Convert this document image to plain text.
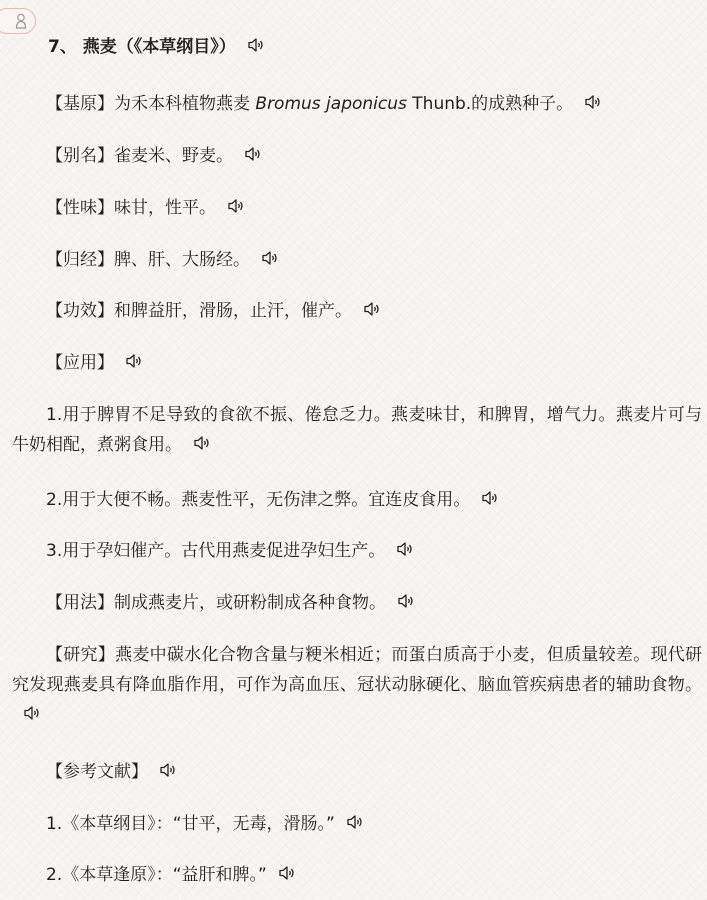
7、 燕麦（《本草纲目》）
【基原】为禾本科植物燕麦 Bromus japonicus Thunb.的成熟种子。
【别名】雀麦米、野麦。
【性味】味甘，性平。
【归经】脾、肝、大肠经。
【功效】和脾益肝，滑肠，止汗，催产。
【应用】
1.用于脾胃不足导致的食欲不振、倦怠乏力。燕麦味甘，和脾胃，增气力。燕麦片可与牛奶相配，煮粥食用。
2.用于大便不畅。燕麦性平，无伤津之弊。宜连皮食用。
3.用于孕妇催产。古代用燕麦促进孕妇生产。
【用法】制成燕麦片，或研粉制成各种食物。
【研究】燕麦中碳水化合物含量与粳米相近；而蛋白质高于小麦，但质量较差。现代研究发现燕麦具有降血脂作用，可作为高血压、冠状动脉硬化、脑血管疾病患者的辅助食物。
【参考文献】
1.《本草纲目》：“甘平，无毒，滑肠。”
2.《本草逢原》：“益肝和脾。”
